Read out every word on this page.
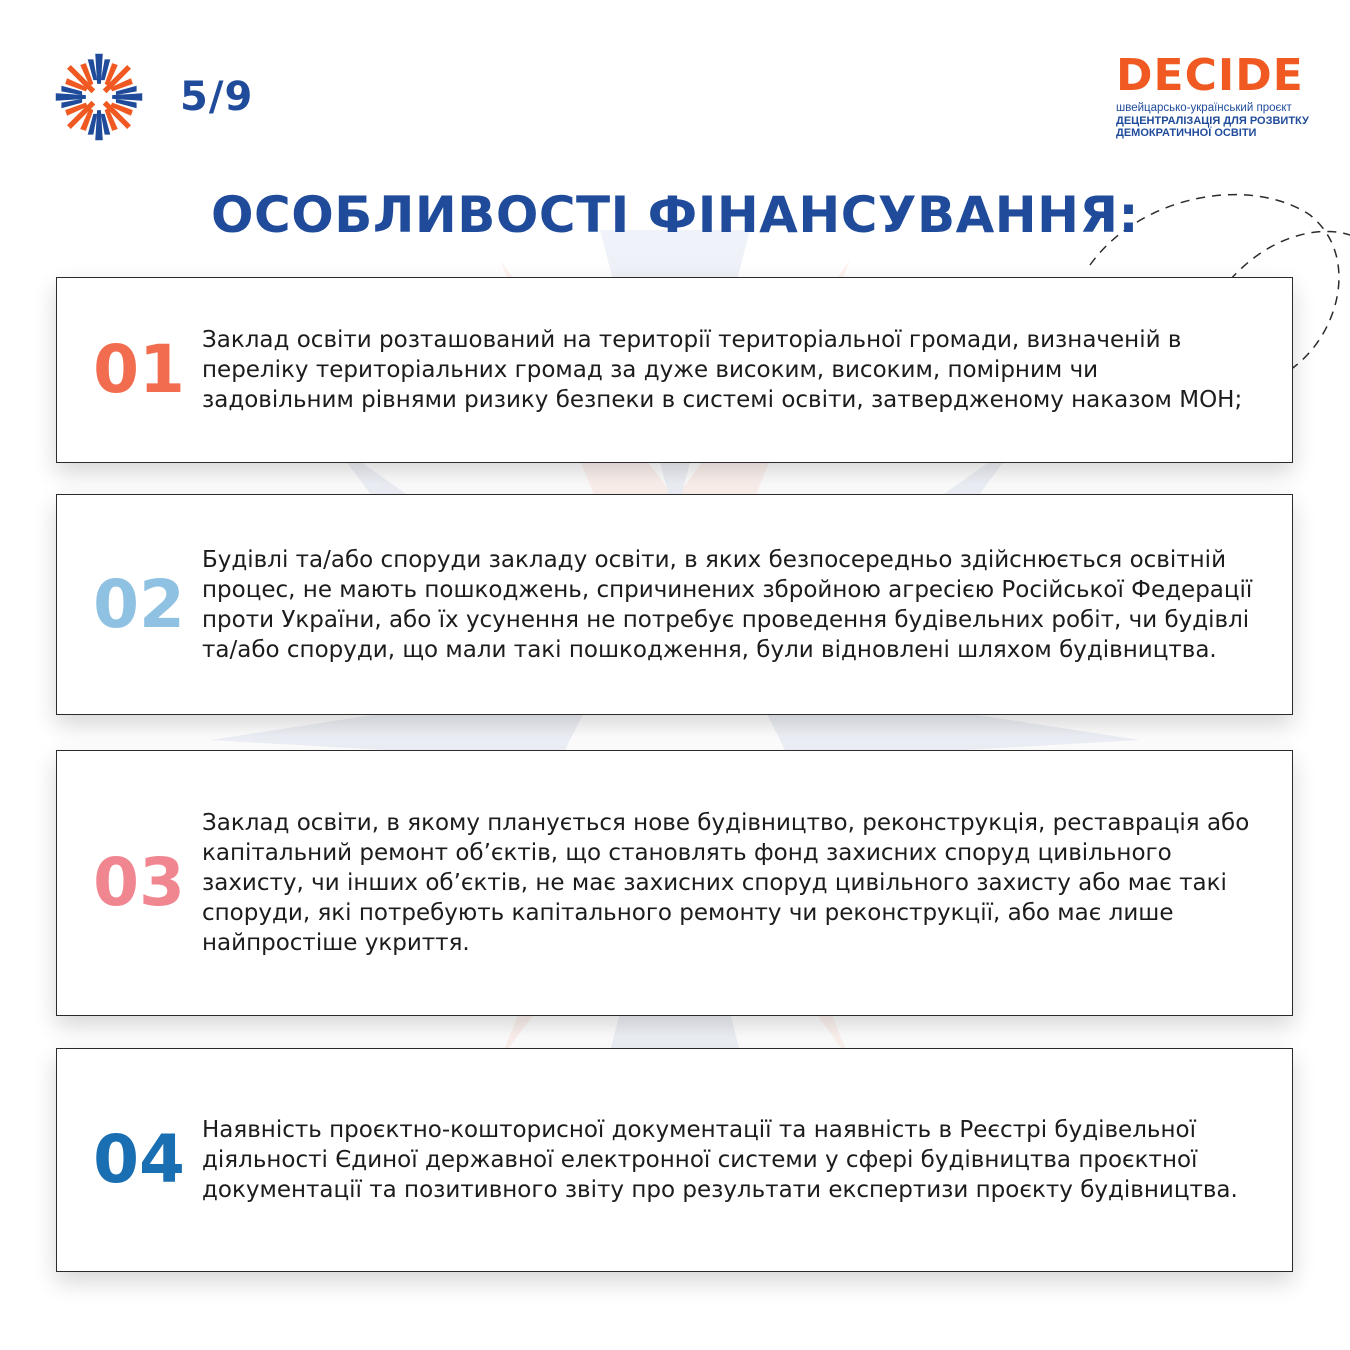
5/9	DECIDE
швейцарсько-український проєкт
ДЕЦЕНТРАЛІЗАЦІЯ ДЛЯ РОЗВИТКУ
ДЕМОКРАТИЧНОЇ ОСВІТИ
ОСОБЛИВОСТІ ФІНАНСУВАННЯ:
01 Заклад освіти розташований на території територіальної громади, визначеній в переліку територіальних громад за дуже високим, високим, помірним чи задовільним рівнями ризику безпеки в системі освіти, затвердженому наказом МОН;
02
Будівлі та/або споруди закладу освіти, в яких безпосередньо здійснюється освітній процес, не мають пошкоджень, спричинених збройною агресією Російської Федерації проти України, або їх усунення не потребує проведення будівельних робіт, чи будівлі та/або споруди, що мали такі пошкодження, були відновлені шляхом будівництва.
03
Заклад освіти, в якому планується нове будівництво, реконструкція, реставрація або капітальний ремонт об’єктів, що становлять фонд захисних споруд цивільного захисту, чи інших об’єктів, не має захисних споруд цивільного захисту або має такі споруди, які потребують капітального ремонту чи реконструкції, або має лише найпростіше укриття.
04 Наявність проєктно-кошторисної документації та наявність в Реєстрі будівельної діяльності Єдиної державної електронної системи у сфері будівництва проєктної документації та позитивного звіту про результати експертизи проєкту будівництва.
